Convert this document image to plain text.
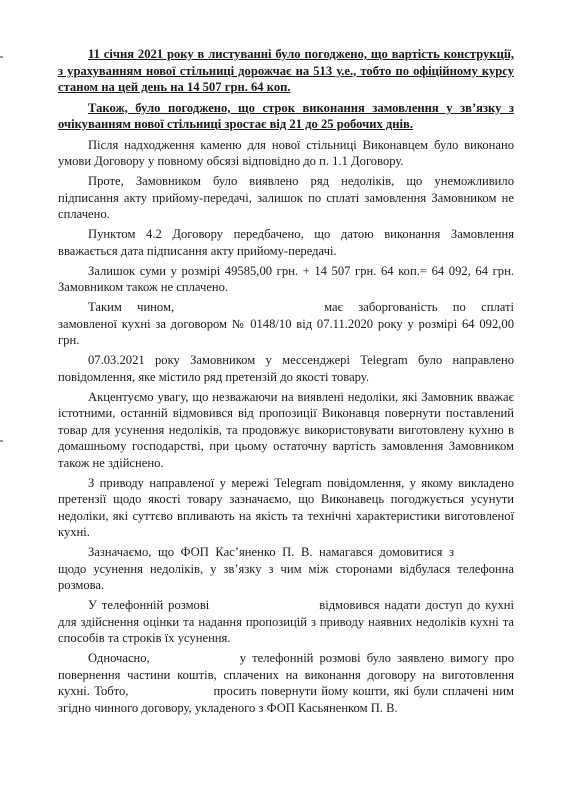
11 січня 2021 року в листуванні було погоджено, що вартість конструкції, з урахуванням нової стільниці дорожчає на 513 у.е., тобто по офіційному курсу станом на цей день на 14 507 грн. 64 коп.

Також, було погоджено, що строк виконання замовлення у зв’язку з очікуванням нової стільниці зростає від 21 до 25 робочих днів.

Після надходження каменю для нової стільниці Виконавцем було виконано умови Договору у повному обсязі відповідно до п. 1.1 Договору.

Проте, Замовником було виявлено ряд недоліків, що унеможливило підписання акту прийому-передачі, залишок по сплаті замовлення Замовником не сплачено.

Пунктом 4.2 Договору передбачено, що датою виконання Замовлення вважається дата підписання акту прийому-передачі.

Залишок суми у розмірі 49585,00 грн. + 14 507 грн. 64 коп.= 64 092, 64 грн. Замовником також не сплачено.

Таким чином,	має заборгованість по сплаті замовленої кухні за договором № 0148/10 від 07.11.2020 року у розмірі 64 092,00 грн.

07.03.2021 року Замовником у мессенджері Telegram було направлено повідомлення, яке містило ряд претензій до якості товару.

Акцентуємо увагу, що незважаючи на виявлені недоліки, які Замовник вважає істотними, останній відмовився від пропозиції Виконавця повернути поставлений товар для усунення недоліків, та продовжує використовувати виготовлену кухню в домашньому господарстві, при цьому остаточну вартість замовлення Замовником також не здійснено.

З приводу направленої у мережі Telegram повідомлення, у якому викладено претензії щодо якості товару зазначаємо, що Виконавець погоджується усунути недоліки, які суттєво впливають на якість та технічні характеристики виготовленої кухні.

Зазначаємо, що ФОП Кас’яненко П. В. намагався домовитися з щодо усунення недоліків, у зв’язку з чим між сторонами відбулася телефонна розмова.

У телефонній розмові	відмовився надати доступ до кухні для здійснення оцінки та надання пропозицій з приводу наявних недоліків кухні та способів та строків їх усунення.

Одночасно,	у телефонній розмові було заявлено вимогу про повернення частини коштів, сплачених на виконання договору на виготовлення кухні. Тобто,	просить повернути йому кошти, які були сплачені ним згідно чинного договору, укладеного з ФОП Касьяненком П. В.
